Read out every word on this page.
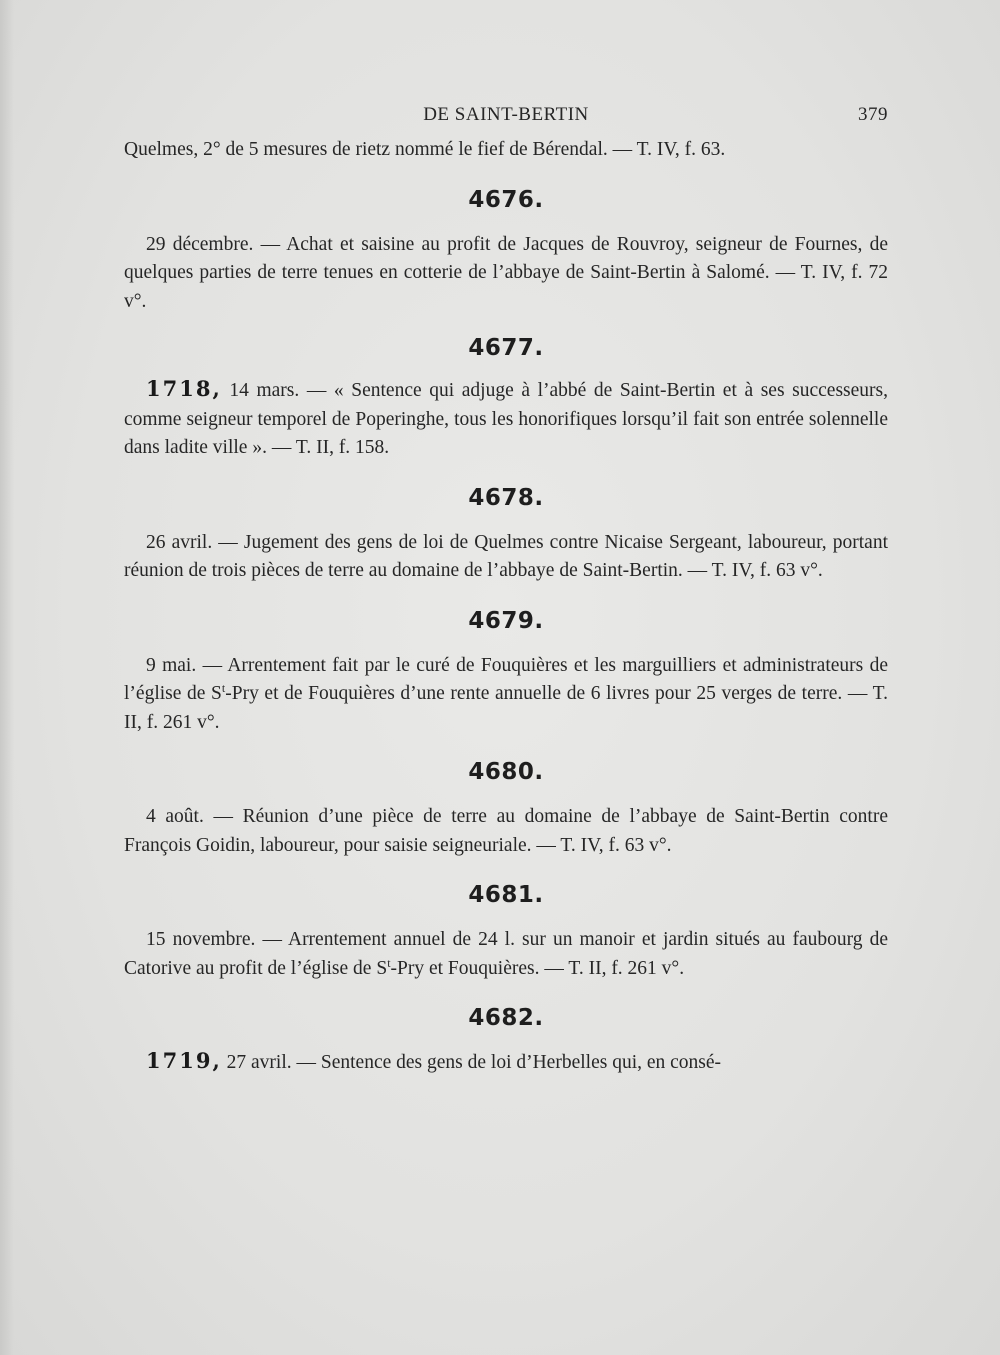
DE SAINT-BERTIN	379

Quelmes, 2° de 5 mesures de rietz nommé le fief de Bérendal. — T. IV, f. 63.

4676.

29 décembre. — Achat et saisine au profit de Jacques de Rouvroy, seigneur de Fournes, de quelques parties de terre tenues en cotterie de l’abbaye de Saint-Bertin à Salomé. — T. IV, f. 72 v°.

4677.

1718, 14 mars. — « Sentence qui adjuge à l’abbé de Saint-Bertin et à ses successeurs, comme seigneur temporel de Poperinghe, tous les honorifiques lorsqu’il fait son entrée solennelle dans ladite ville ». — T. II, f. 158.

4678.

26 avril. — Jugement des gens de loi de Quelmes contre Nicaise Sergeant, laboureur, portant réunion de trois pièces de terre au domaine de l’abbaye de Saint-Bertin. — T. IV, f. 63 v°.

4679.

9 mai. — Arrentement fait par le curé de Fouquières et les marguilliers et administrateurs de l’église de $S^t$-Pry et de Fouquières d’une rente annuelle de 6 livres pour 25 verges de terre. — T. II, f. 261 v°.

4680.

4 août. — Réunion d’une pièce de terre au domaine de l’abbaye de Saint-Bertin contre François Goidin, laboureur, pour saisie seigneuriale. — T. IV, f. 63 v°.

4681.

15 novembre. — Arrentement annuel de 24 l. sur un manoir et jardin situés au faubourg de Catorive au profit de l’église de $S^t$-Pry et Fouquières. — T. II, f. 261 v°.

4682.

1719, 27 avril. — Sentence des gens de loi d’Herbelles qui, en consé-
